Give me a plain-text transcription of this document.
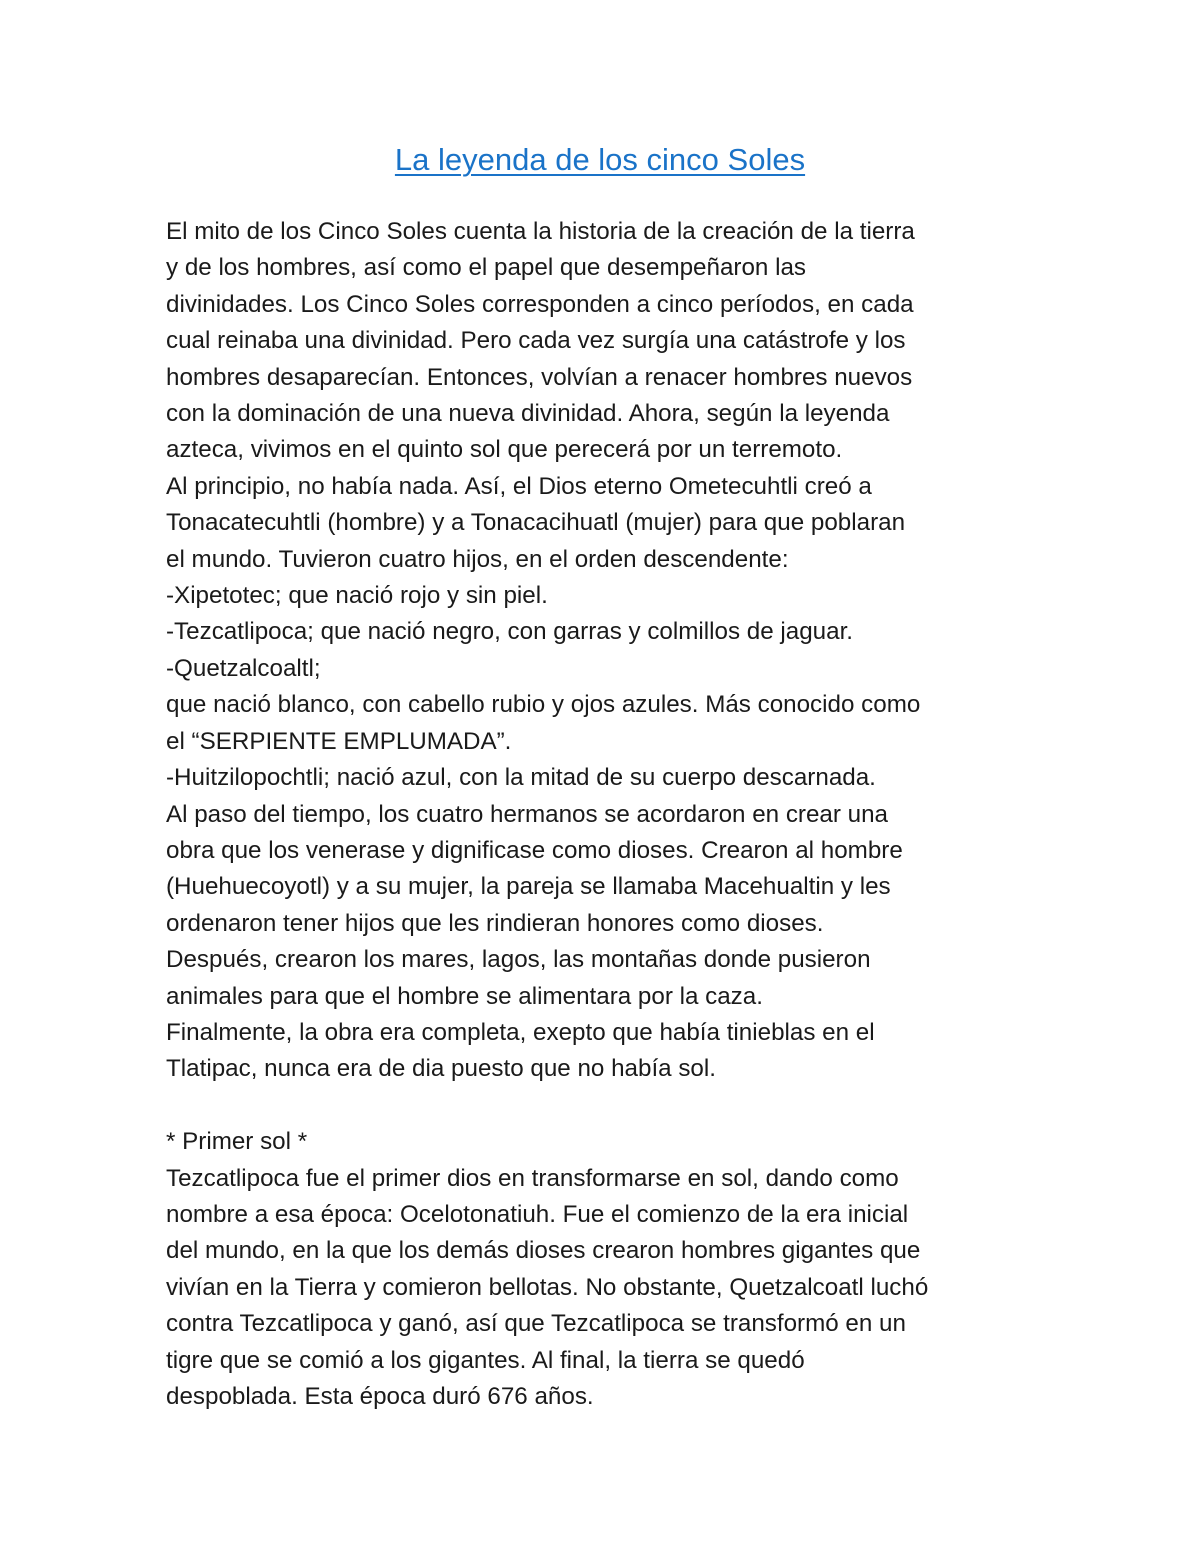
La leyenda de los cinco Soles
El mito de los Cinco Soles cuenta la historia de la creación de la tierra
y de los hombres, así como el papel que desempeñaron las
divinidades. Los Cinco Soles corresponden a cinco períodos, en cada
cual reinaba una divinidad. Pero cada vez surgía una catástrofe y los
hombres desaparecían. Entonces, volvían a renacer hombres nuevos
con la dominación de una nueva divinidad. Ahora, según la leyenda
azteca, vivimos en el quinto sol que perecerá por un terremoto.
Al principio, no había nada. Así, el Dios eterno Ometecuhtli creó a
Tonacatecuhtli (hombre) y a Tonacacihuatl (mujer) para que poblaran
el mundo. Tuvieron cuatro hijos, en el orden descendente:
-Xipetotec; que nació rojo y sin piel.
-Tezcatlipoca; que nació negro, con garras y colmillos de jaguar.
-Quetzalcoaltl;
que nació blanco, con cabello rubio y ojos azules. Más conocido como
el “SERPIENTE EMPLUMADA”.
-Huitzilopochtli; nació azul, con la mitad de su cuerpo descarnada.
Al paso del tiempo, los cuatro hermanos se acordaron en crear una
obra que los venerase y dignificase como dioses. Crearon al hombre
(Huehuecoyotl) y a su mujer, la pareja se llamaba Macehualtin y les
ordenaron tener hijos que les rindieran honores como dioses.
Después, crearon los mares, lagos, las montañas donde pusieron
animales para que el hombre se alimentara por la caza.
Finalmente, la obra era completa, exepto que había tinieblas en el
Tlatipac, nunca era de dia puesto que no había sol.
* Primer sol *
Tezcatlipoca fue el primer dios en transformarse en sol, dando como
nombre a esa época: Ocelotonatiuh. Fue el comienzo de la era inicial
del mundo, en la que los demás dioses crearon hombres gigantes que
vivían en la Tierra y comieron bellotas. No obstante, Quetzalcoatl luchó
contra Tezcatlipoca y ganó, así que Tezcatlipoca se transformó en un
tigre que se comió a los gigantes. Al final, la tierra se quedó
despoblada. Esta época duró 676 años.
